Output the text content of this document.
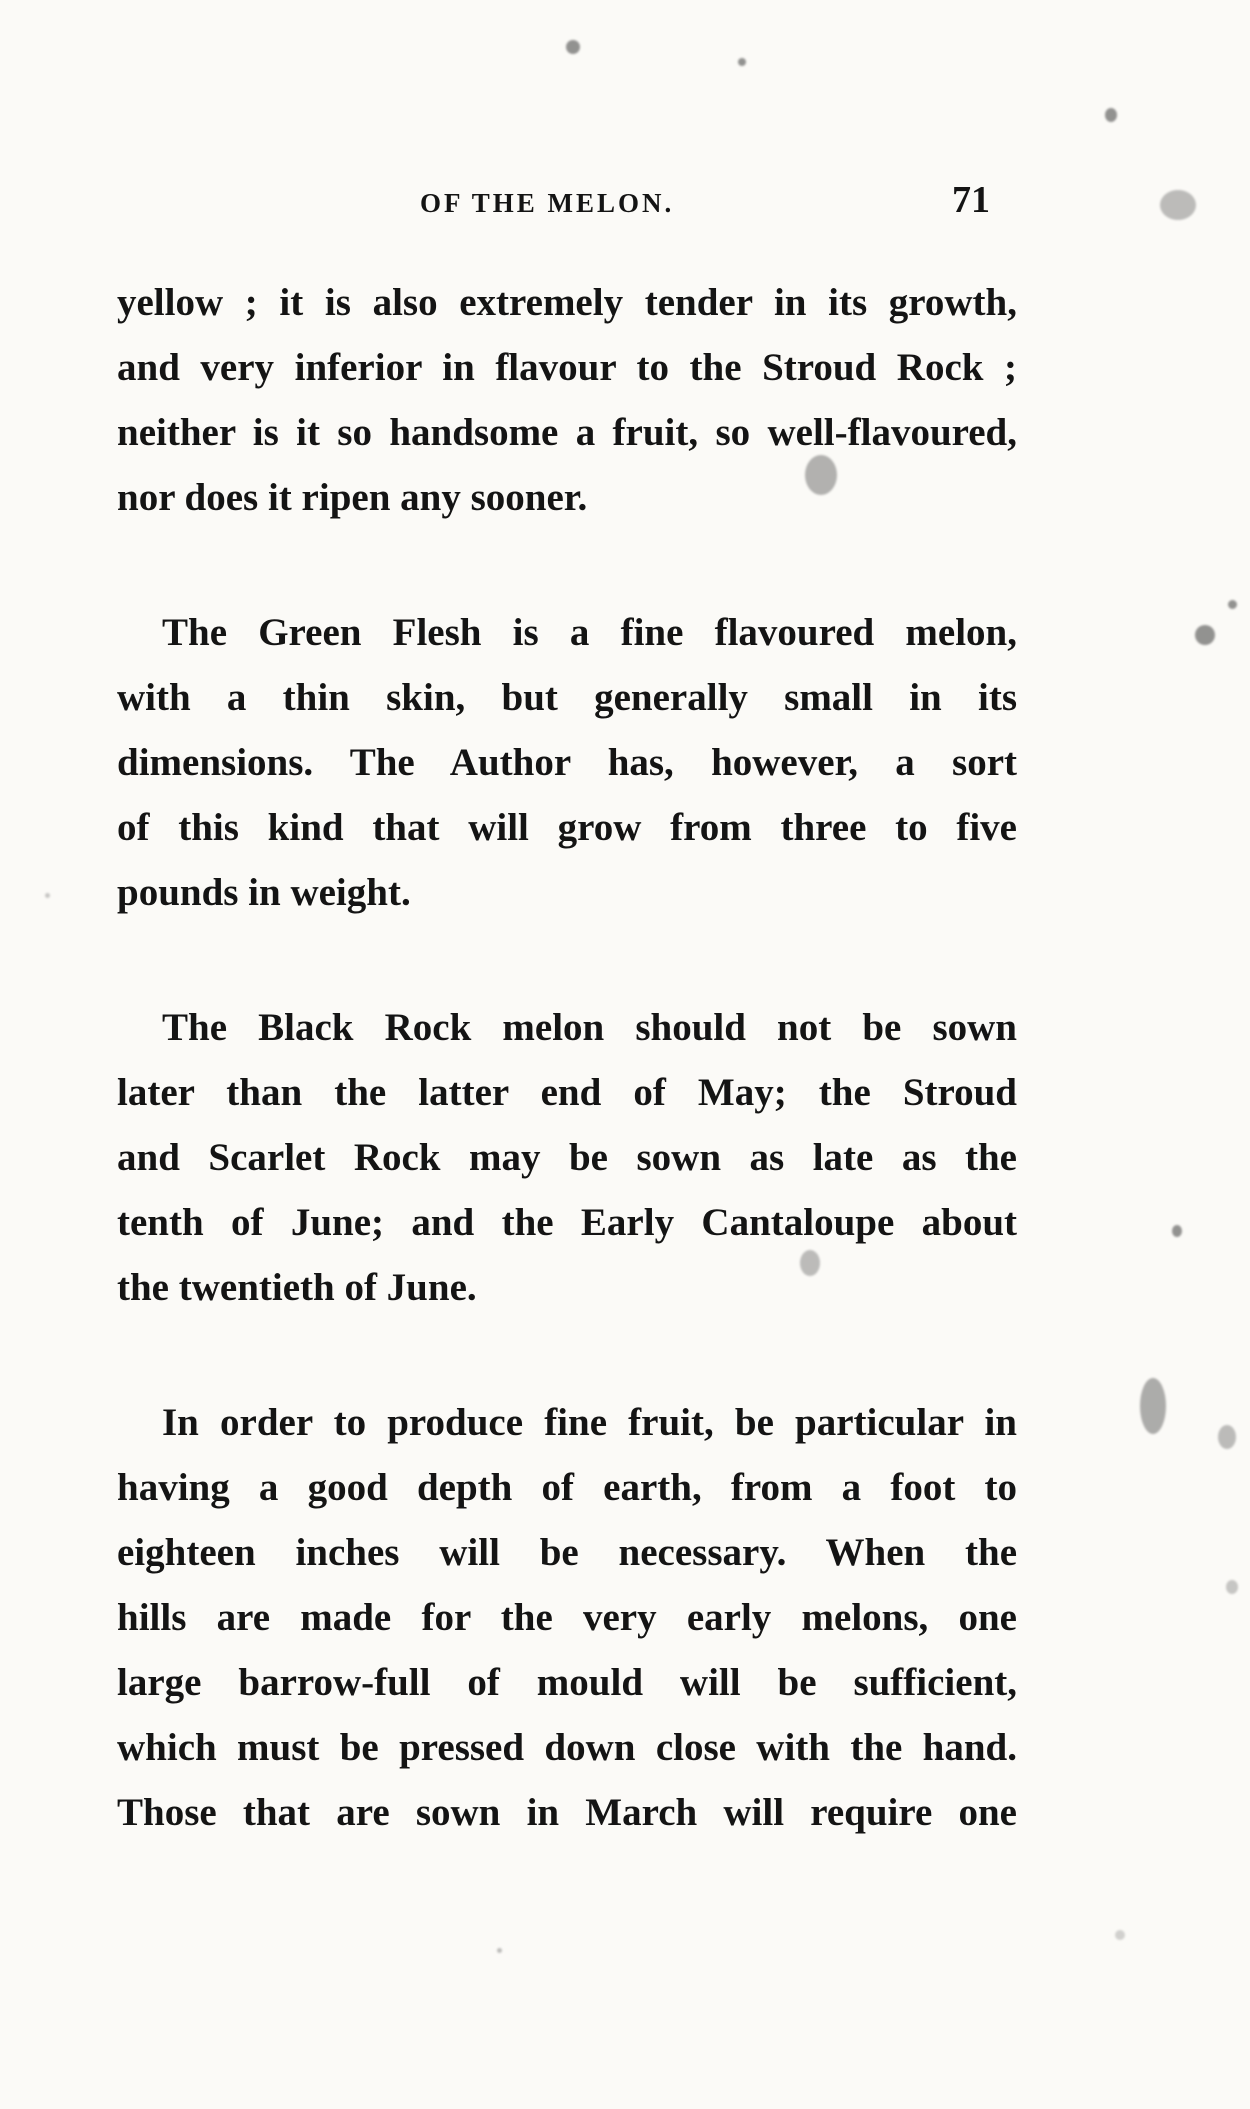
OF THE MELON.	71
yellow ; it is also extremely tender in its growth,
and very inferior in flavour to the Stroud Rock ;
neither is it so handsome a fruit, so well-flavoured,
nor does it ripen any sooner.
The Green Flesh is a fine flavoured melon,
with a thin skin, but generally small in its
dimensions. The Author has, however, a sort
of this kind that will grow from three to five
pounds in weight.
The Black Rock melon should not be sown
later than the latter end of May; the Stroud
and Scarlet Rock may be sown as late as the
tenth of June; and the Early Cantaloupe about
the twentieth of June.
In order to produce fine fruit, be particular in
having a good depth of earth, from a foot to
eighteen inches will be necessary. When the
hills are made for the very early melons, one
large barrow-full of mould will be sufficient,
which must be pressed down close with the hand.
Those that are sown in March will require one
